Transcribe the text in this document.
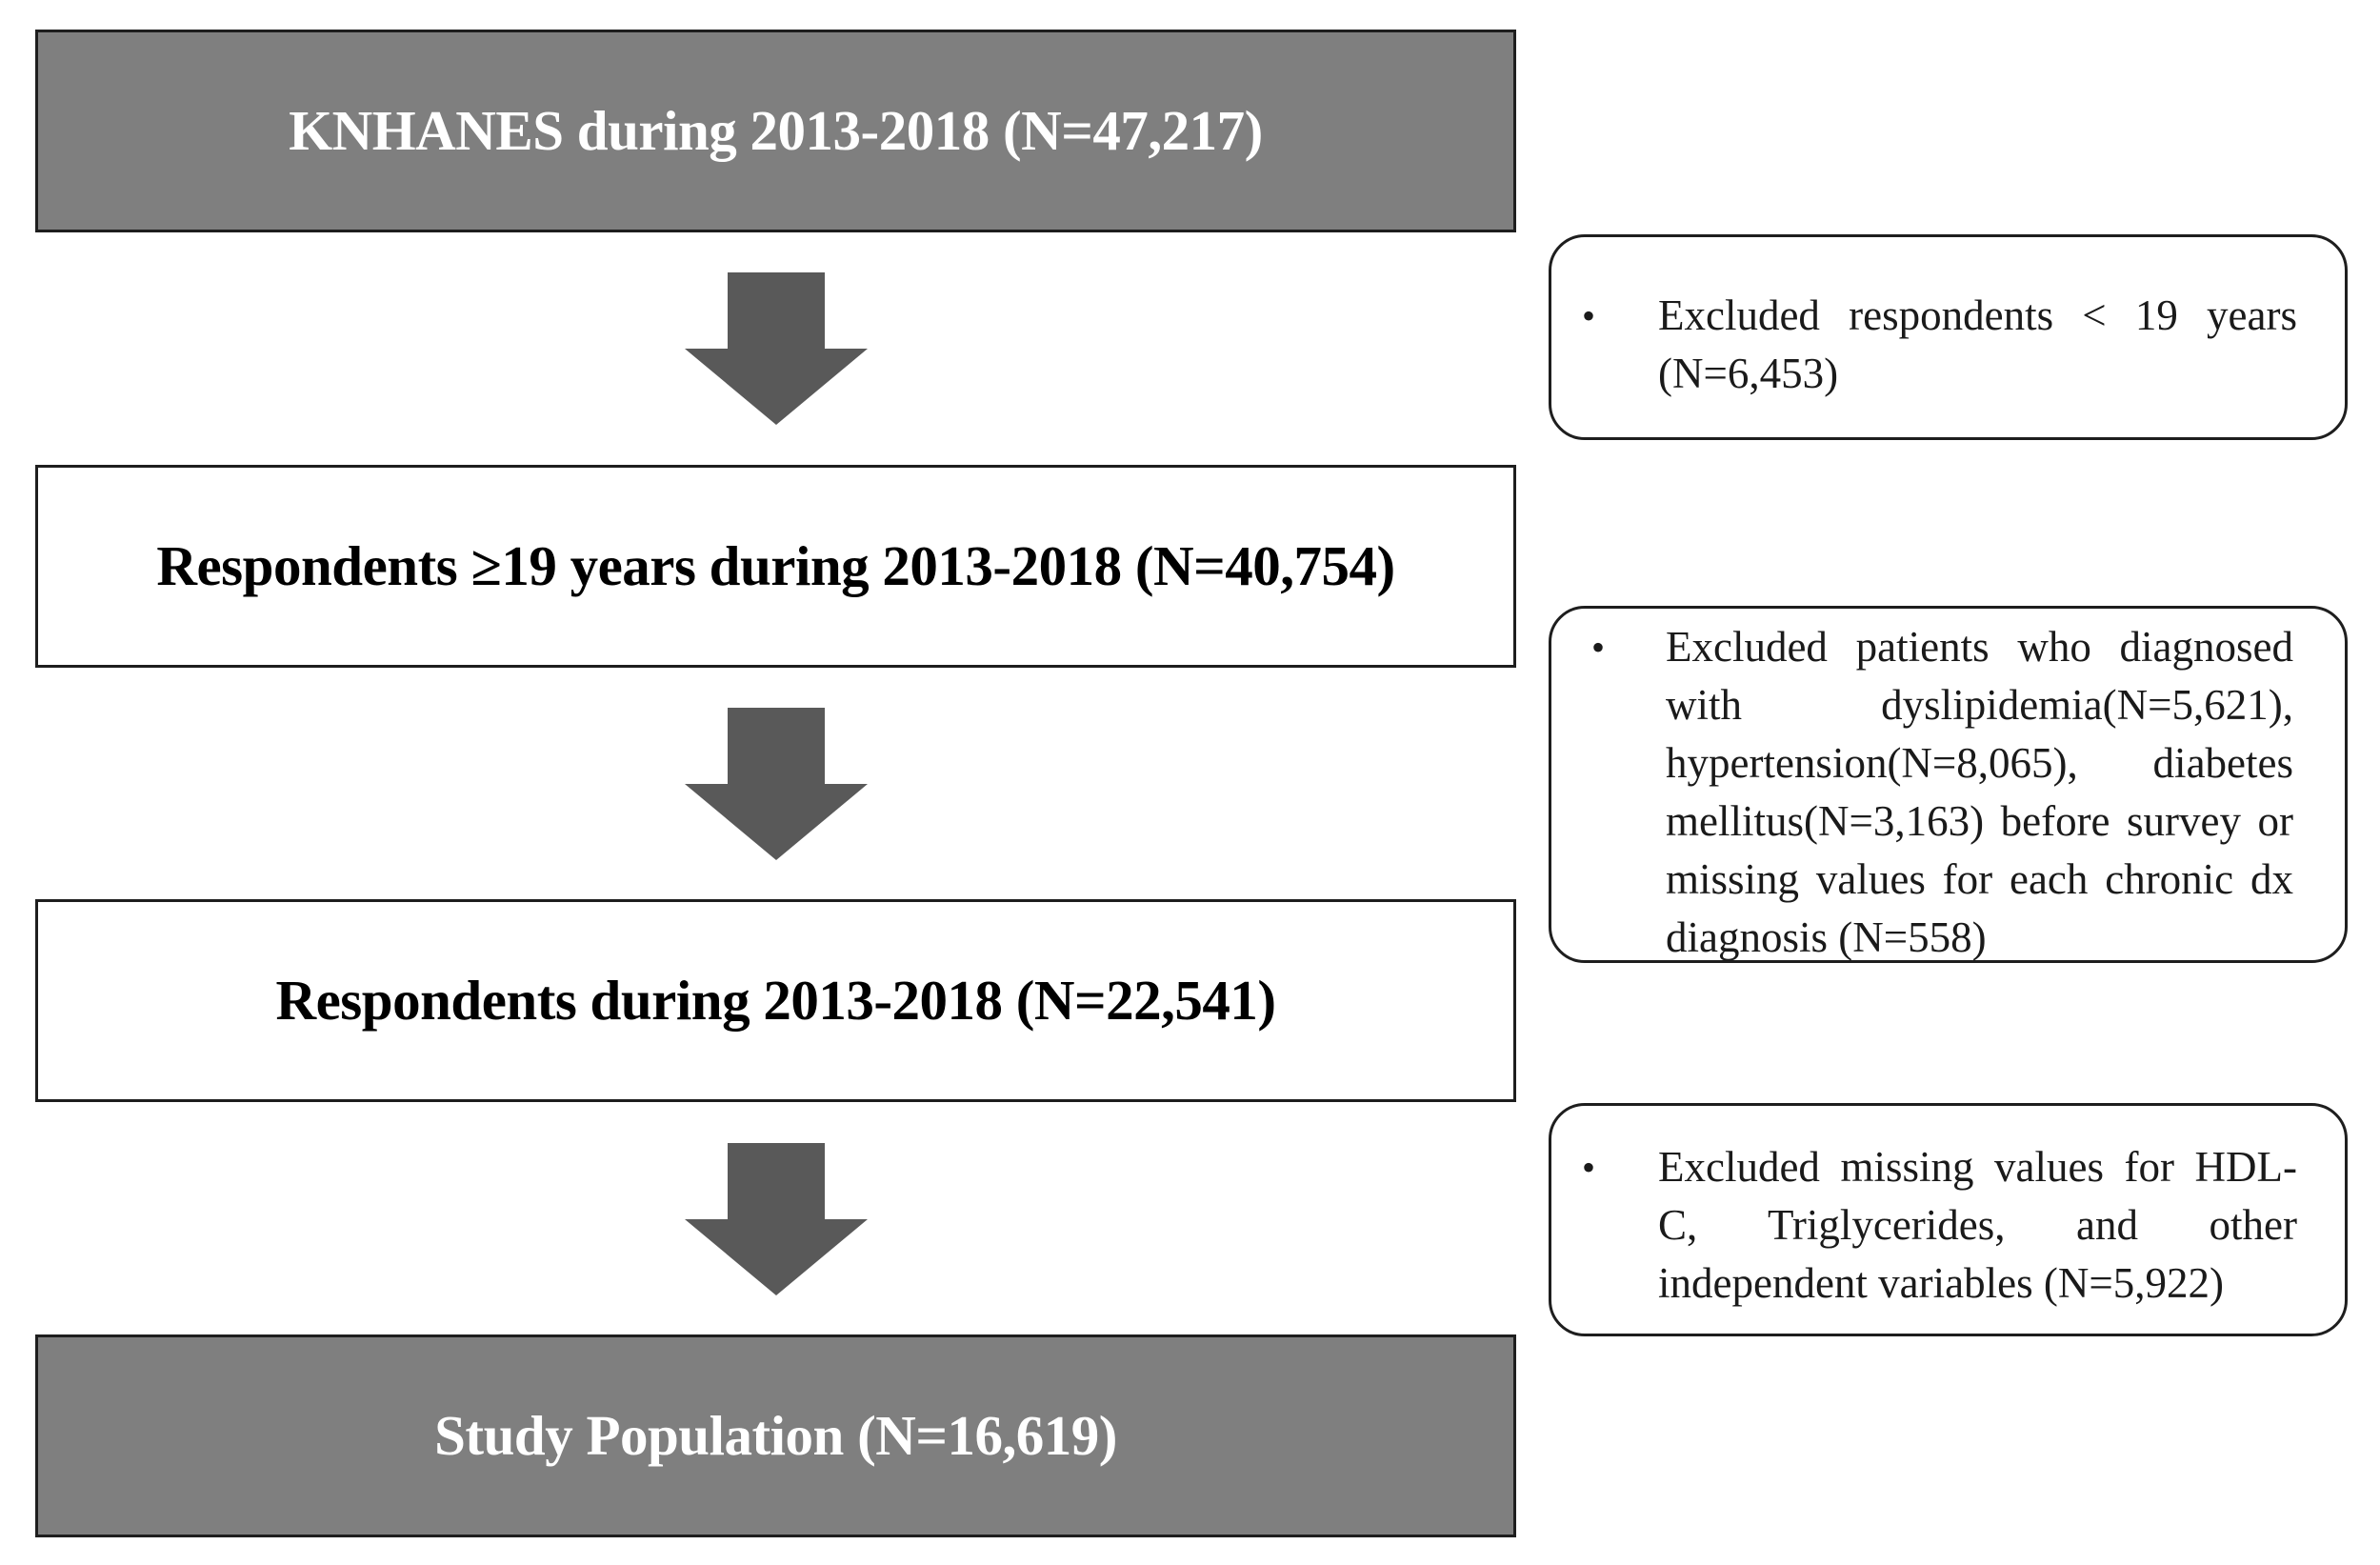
KNHANES during 2013-2018 (N=47,217)
Respondents ≥19 years during 2013-2018 (N=40,754)
Respondents during 2013-2018 (N=22,541)
Study Population (N=16,619)
• Excluded respondents < 19 years (N=6,453)
• Excluded patients who diagnosed with dyslipidemia(N=5,621), hypertension(N=8,065), diabetes mellitus(N=3,163) before survey or missing values for each chronic dx diagnosis (N=558)
• Excluded missing values for HDL-C, Triglycerides, and other independent variables (N=5,922)
